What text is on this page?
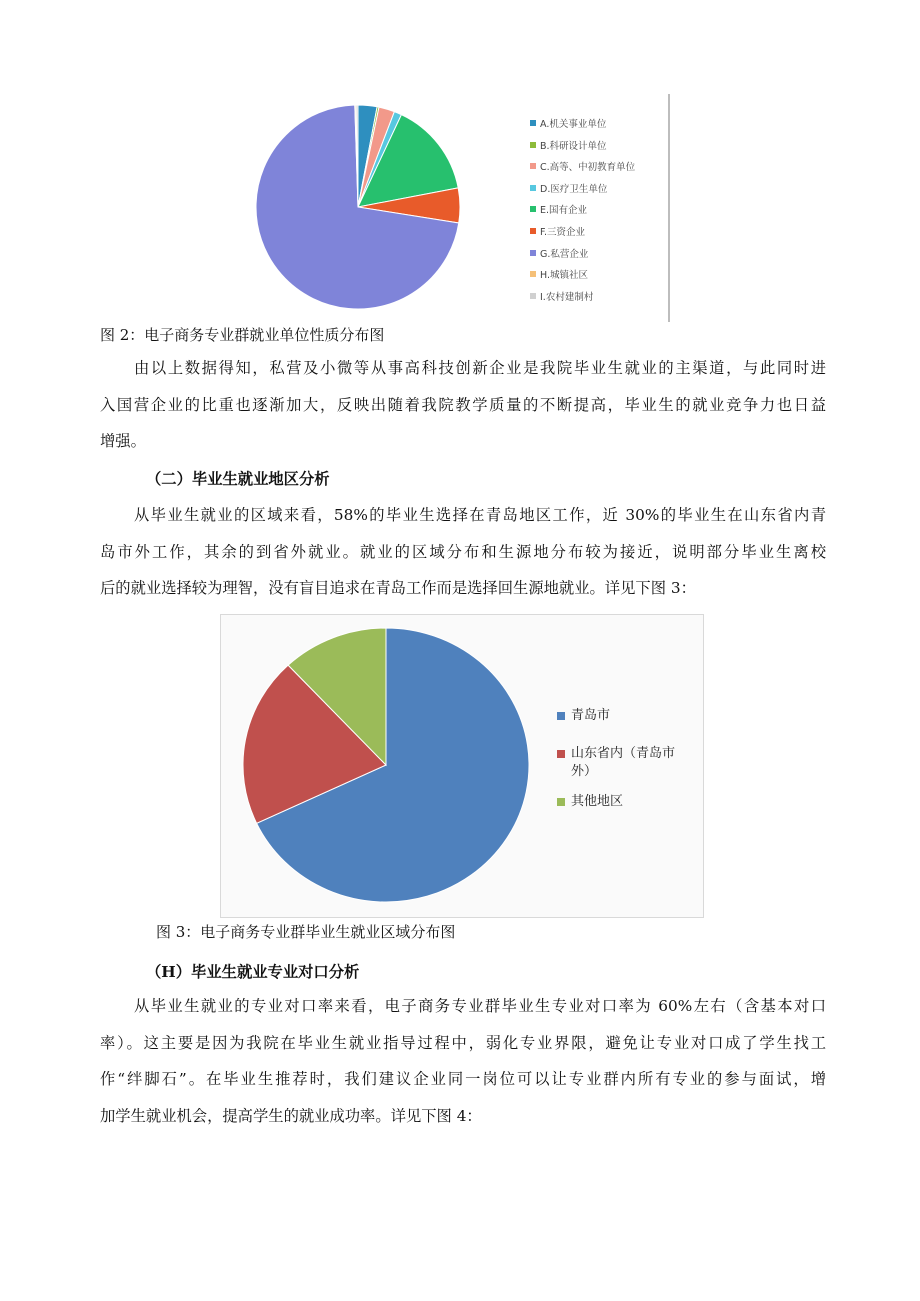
A.机关事业单位
B.科研设计单位
C.高等、中初教育单位
D.医疗卫生单位
E.国有企业
F.三资企业
G.私营企业
H.城镇社区
I.农村建制村
图 2：电子商务专业群就业单位性质分布图
由以上数据得知，私营及小微等从事高科技创新企业是我院毕业生就业的主渠道，与此同时进
入国营企业的比重也逐渐加大，反映出随着我院教学质量的不断提高，毕业生的就业竞争力也日益
增强。
（二）毕业生就业地区分析
从毕业生就业的区域来看，58%的毕业生选择在青岛地区工作，近 30%的毕业生在山东省内青
岛市外工作，其余的到省外就业。就业的区域分布和生源地分布较为接近，说明部分毕业生离校
后的就业选择较为理智，没有盲目追求在青岛工作而是选择回生源地就业。详见下图 3：
青岛市
山东省内（青岛市
外）
其他地区
图 3：电子商务专业群毕业生就业区域分布图
（H）毕业生就业专业对口分析
从毕业生就业的专业对口率来看，电子商务专业群毕业生专业对口率为 60%左右（含基本对口
率）。这主要是因为我院在毕业生就业指导过程中，弱化专业界限，避免让专业对口成了学生找工
作“绊脚石”。在毕业生推荐时，我们建议企业同一岗位可以让专业群内所有专业的参与面试，增
加学生就业机会，提高学生的就业成功率。详见下图 4：
